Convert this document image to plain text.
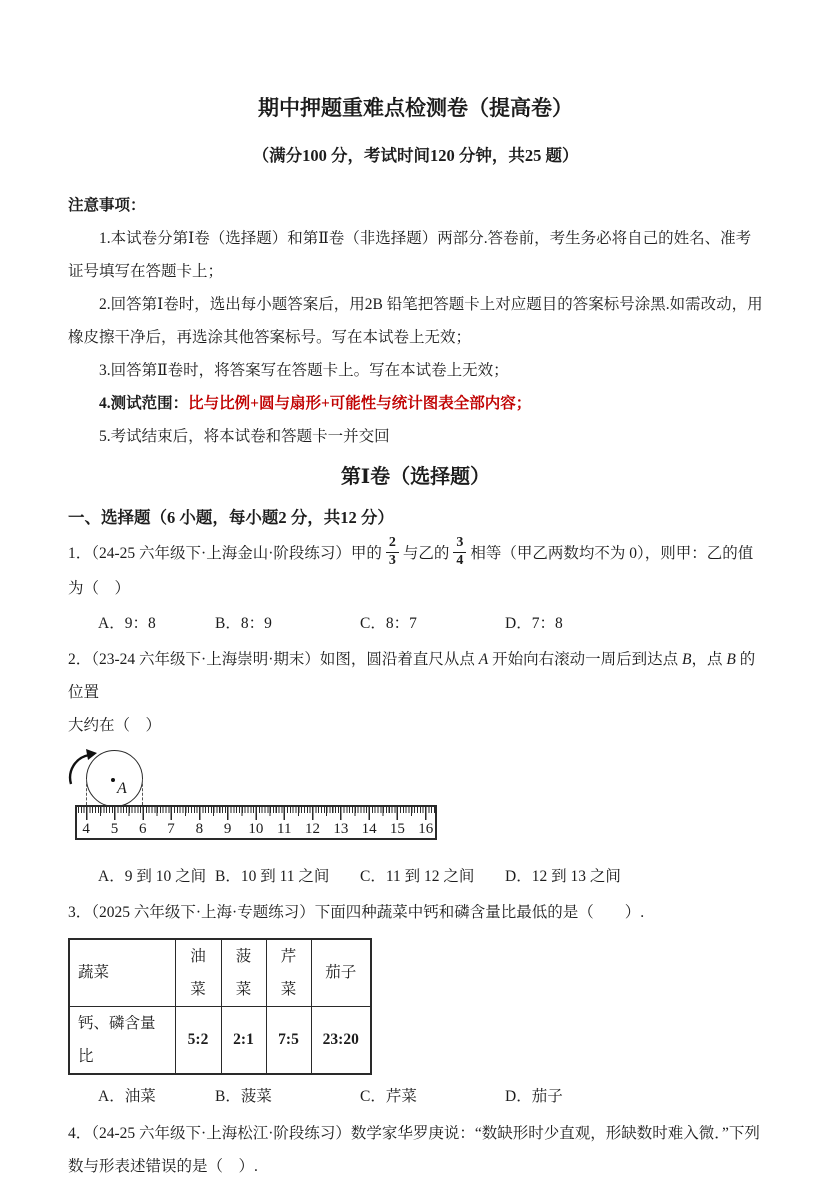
期中押题重难点检测卷（提高卷）
（满分100 分，考试时间120 分钟，共25 题）
注意事项：

1.本试卷分第Ⅰ卷（选择题）和第Ⅱ卷（非选择题）两部分.答卷前，考生务必将自己的姓名、准考证号填写在答题卡上；

2.回答第Ⅰ卷时，选出每小题答案后，用2B 铅笔把答题卡上对应题目的答案标号涂黑.如需改动，用橡皮擦干净后，再选涂其他答案标号。写在本试卷上无效；

3.回答第Ⅱ卷时，将答案写在答题卡上。写在本试卷上无效；

4.测试范围：比与比例+圆与扇形+可能性与统计图表全部内容；

5.考试结束后，将本试卷和答题卡一并交回

第Ⅰ卷（选择题）
一、选择题（6 小题，每小题2 分，共12 分）

1．（24-25 六年级下·上海金山·阶段练习）甲的 $\frac{2}{3}$ 与乙的 $\frac{3}{4}$ 相等（甲乙两数均不为 0），则甲：乙的值为（　）

A．9：8	B．8：9	C．8：7	D．7：8

2．（23-24 六年级下·上海崇明·期末）如图，圆沿着直尺从点 A 开始向右滚动一周后到达点 B，点 B 的位置

大约在（　）

A
4	5	6	7	8	9	10 11 12 13 14 15 16
A．9 到 10 之间 B．10 到 11 之间	C．11 到 12 之间	D．12 到 13 之间

3．（2025 六年级下·上海·专题练习）下面四种蔬菜中钙和磷含量比最低的是（　　）.

蔬菜	油菜	菠菜	芹菜	茄子
钙、磷含量比	5:2	2:1	7:5	23:20
A．油菜	B．菠菜	C．芹菜	D．茄子

4．（24-25 六年级下·上海松江·阶段练习）数学家华罗庚说：“数缺形时少直观，形缺数时难入微．”下列数与形表述错误的是（　）.
